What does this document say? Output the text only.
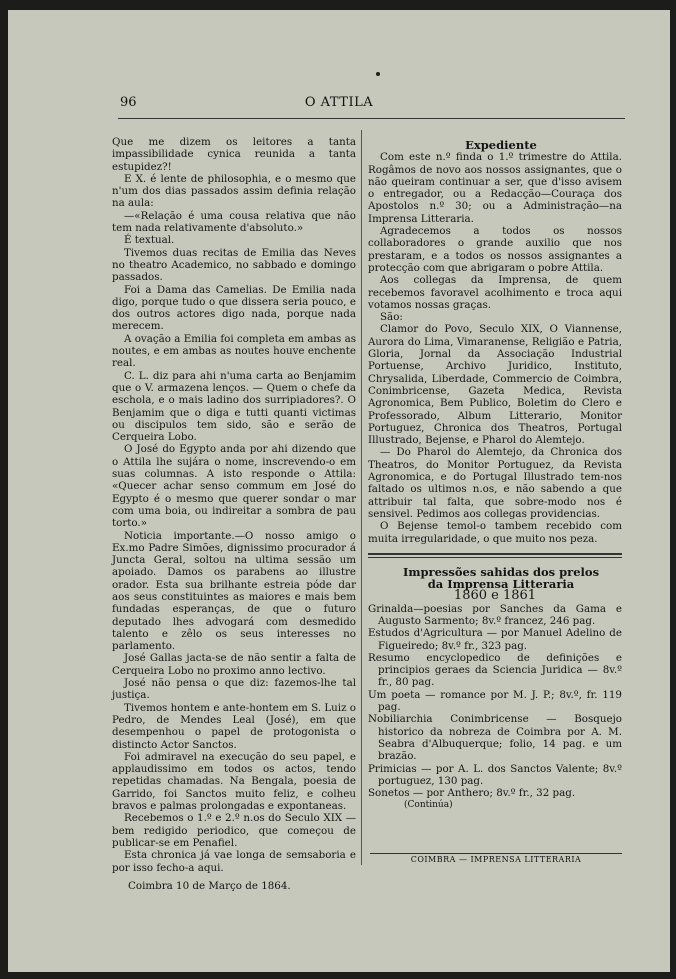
96	O ATTILA

Que me dizem os leitores a tanta impassibilidade cynica reunida a tanta estupidez?!

E X. é lente de philosophia, e o mesmo que n'um dos dias passados assim definia relação na aula:

—«Relação é uma cousa relativa que não tem nada relativamente d'absoluto.»

É textual.

Tivemos duas recitas de Emilia das Neves no theatro Academico, no sabbado e domingo passados.

Foi a Dama das Camelias. De Emilia nada digo, porque tudo o que dissera seria pouco, e dos outros actores digo nada, porque nada merecem.

A ovação a Emilia foi completa em ambas as noutes, e em ambas as noutes houve enchente real.

C. L. diz para ahi n'uma carta ao Benjamim que o V. armazena lenços. — Quem o chefe da eschola, e o mais ladino dos surripiadores?. O Benjamim que o diga e tutti quanti victimas ou discipulos tem sido, são e serão de Cerqueira Lobo.

O José do Egypto anda por ahi dizendo que o Attila lhe sujára o nome, inscrevendo-o em suas columnas. A isto responde o Attila: «Quecer achar senso commum em José do Egypto é o mesmo que querer sondar o mar com uma boia, ou indireitar a sombra de pau torto.»

Noticia importante.—O nosso amigo o Ex.mo Padre Simões, dignissimo procurador á Juncta Geral, soltou na ultima sessão um apoiado. Damos os parabens ao illustre orador. Esta sua brilhante estreia póde dar aos seus constituintes as maiores e mais bem fundadas esperanças, de que o futuro deputado lhes advogará com desmedido talento e zêlo os seus interesses no parlamento.

José Gallas jacta-se de não sentir a falta de Cerqueira Lobo no proximo anno lectivo.

José não pensa o que diz: fazemos-lhe tal justiça.

Tivemos hontem e ante-hontem em S. Luiz o Pedro, de Mendes Leal (José), em que desempenhou o papel de protogonista o distincto Actor Sanctos.

Foi admiravel na execução do seu papel, e applaudissimo em todos os actos, tendo repetidas chamadas. Na Bengala, poesia de Garrido, foi Sanctos muito feliz, e colheu bravos e palmas prolongadas e expontaneas.

Recebemos o 1.º e 2.º n.os do Seculo XIX — bem redigido periodico, que começou de publicar-se em Penafiel.

Esta chronica já vae longa de semsaboria e por isso fecho-a aqui.

Coimbra 10 de Março de 1864.

Expediente

Com este n.º finda o 1.º trimestre do Attila. Rogâmos de novo aos nossos assignantes, que o não queiram continuar a ser, que d'isso avisem o entregador, ou a Redacção—Couraça dos Apostolos n.º 30; ou a Administração—na Imprensa Litteraria.

Agradecemos a todos os nossos collaboradores o grande auxilio que nos prestaram, e a todos os nossos assignantes a protecção com que abrigaram o pobre Attila.

Aos collegas da Imprensa, de quem recebemos favoravel acolhimento e troca aqui votamos nossas graças.

São:

Clamor do Povo, Seculo XIX, O Viannense, Aurora do Lima, Vimaranense, Religião e Patria, Gloria, Jornal da Associação Industrial Portuense, Archivo Juridico, Instituto, Chrysalida, Liberdade, Commercio de Coimbra, Conimbricense, Gazeta Medica, Revista Agronomica, Bem Publico, Boletim do Clero e Professorado, Album Litterario, Monitor Portuguez, Chronica dos Theatros, Portugal Illustrado, Bejense, e Pharol do Alemtejo.

— Do Pharol do Alemtejo, da Chronica dos Theatros, do Monitor Portuguez, da Revista Agronomica, e do Portugal Illustrado tem-nos faltado os ultimos n.os, e não sabendo a que attribuir tal falta, que sobre-modo nos é sensivel. Pedimos aos collegas providencias.

O Bejense temol-o tambem recebido com muita irregularidade, o que muito nos peza.

Impressões sahidas dos prelos

da Imprensa Litteraria

1860 e 1861

Grinalda—poesias por Sanches da Gama e Augusto Sarmento; 8v.º francez, 246 pag.

Estudos d'Agricultura — por Manuel Adelino de Figueiredo; 8v.º fr., 323 pag.

Resumo encyclopedico de definições e principios geraes da Sciencia Juridica — 8v.º fr., 80 pag.

Um poeta — romance por M. J. P.; 8v.º, fr. 119 pag.

Nobiliarchia Conimbricense — Bosquejo historico da nobreza de Coimbra por A. M. Seabra d'Albuquerque; folio, 14 pag. e um brazão.

Primicias — por A. L. dos Sanctos Valente; 8v.º portuguez, 130 pag.

Sonetos — por Anthero; 8v.º fr., 32 pag.

(Continúa)

COIMBRA — IMPRENSA LITTERARIA
